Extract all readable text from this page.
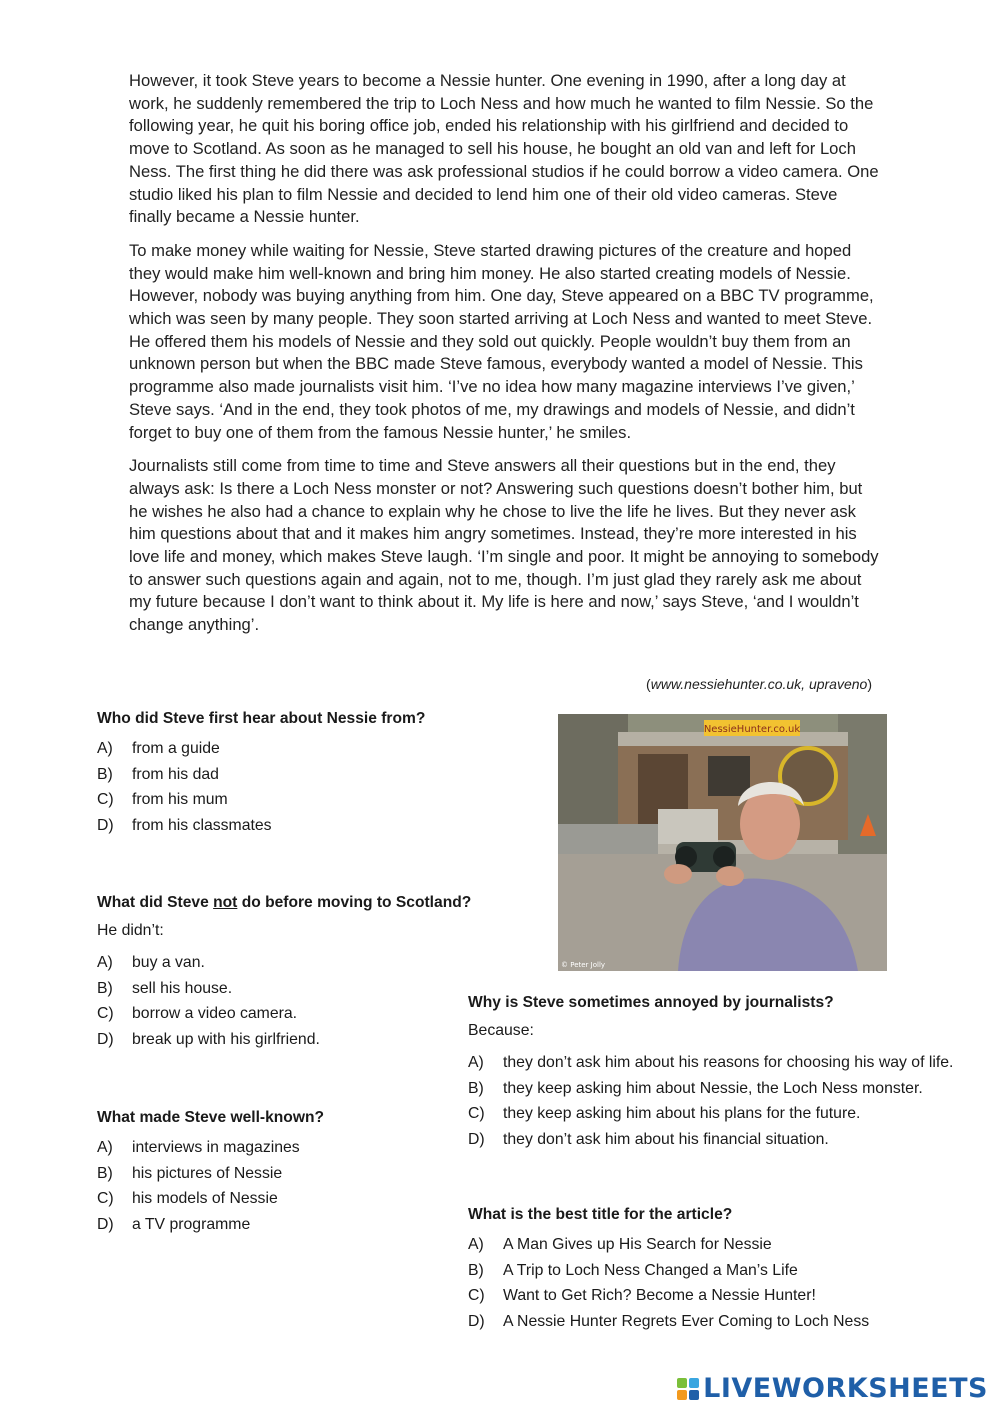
However, it took Steve years to become a Nessie hunter. One evening in 1990, after a long day at work, he suddenly remembered the trip to Loch Ness and how much he wanted to film Nessie. So the following year, he quit his boring office job, ended his relationship with his girlfriend and decided to move to Scotland. As soon as he managed to sell his house, he bought an old van and left for Loch Ness. The first thing he did there was ask professional studios if he could borrow a video camera. One studio liked his plan to film Nessie and decided to lend him one of their old video cameras. Steve finally became a Nessie hunter.

To make money while waiting for Nessie, Steve started drawing pictures of the creature and hoped they would make him well-known and bring him money. He also started creating models of Nessie. However, nobody was buying anything from him. One day, Steve appeared on a BBC TV programme, which was seen by many people. They soon started arriving at Loch Ness and wanted to meet Steve. He offered them his models of Nessie and they sold out quickly. People wouldn’t buy them from an unknown person but when the BBC made Steve famous, everybody wanted a model of Nessie. This programme also made journalists visit him. ‘I’ve no idea how many magazine interviews I’ve given,’ Steve says. ‘And in the end, they took photos of me, my drawings and models of Nessie, and didn’t forget to buy one of them from the famous Nessie hunter,’ he smiles.

Journalists still come from time to time and Steve answers all their questions but in the end, they always ask: Is there a Loch Ness monster or not? Answering such questions doesn’t bother him, but he wishes he also had a chance to explain why he chose to live the life he lives. But they never ask him questions about that and it makes him angry sometimes. Instead, they’re more interested in his love life and money, which makes Steve laugh. ‘I’m single and poor. It might be annoying to somebody to answer such questions again and again, not to me, though. I’m just glad they rarely ask me about my future because I don’t want to think about it. My life is here and now,’ says Steve, ‘and I wouldn’t change anything’.

(www.nessiehunter.co.uk, upraveno)
Who did Steve first hear about Nessie from?
A)	from a guide
B)	from his dad
C)	from his mum
D)	from his classmates
What did Steve not do before moving to Scotland?
He didn’t:
A)	buy a van.
B)	sell his house.
C)	borrow a video camera.
D)	break up with his girlfriend.
What made Steve well-known?
A)	interviews in magazines
B)	his pictures of Nessie
C)	his models of Nessie
D)	a TV programme
NessieHunter.co.uk
© Peter Jolly
Why is Steve sometimes annoyed by journalists?
Because:
A)	they don’t ask him about his reasons for choosing his way of life.
B)	they keep asking him about Nessie, the Loch Ness monster.
C)	they keep asking him about his plans for the future.
D)	they don’t ask him about his financial situation.
What is the best title for the article?
A)	A Man Gives up His Search for Nessie
B)	A Trip to Loch Ness Changed a Man’s Life
C)	Want to Get Rich? Become a Nessie Hunter!
D)	A Nessie Hunter Regrets Ever Coming to Loch Ness
LIVEWORKSHEETS
